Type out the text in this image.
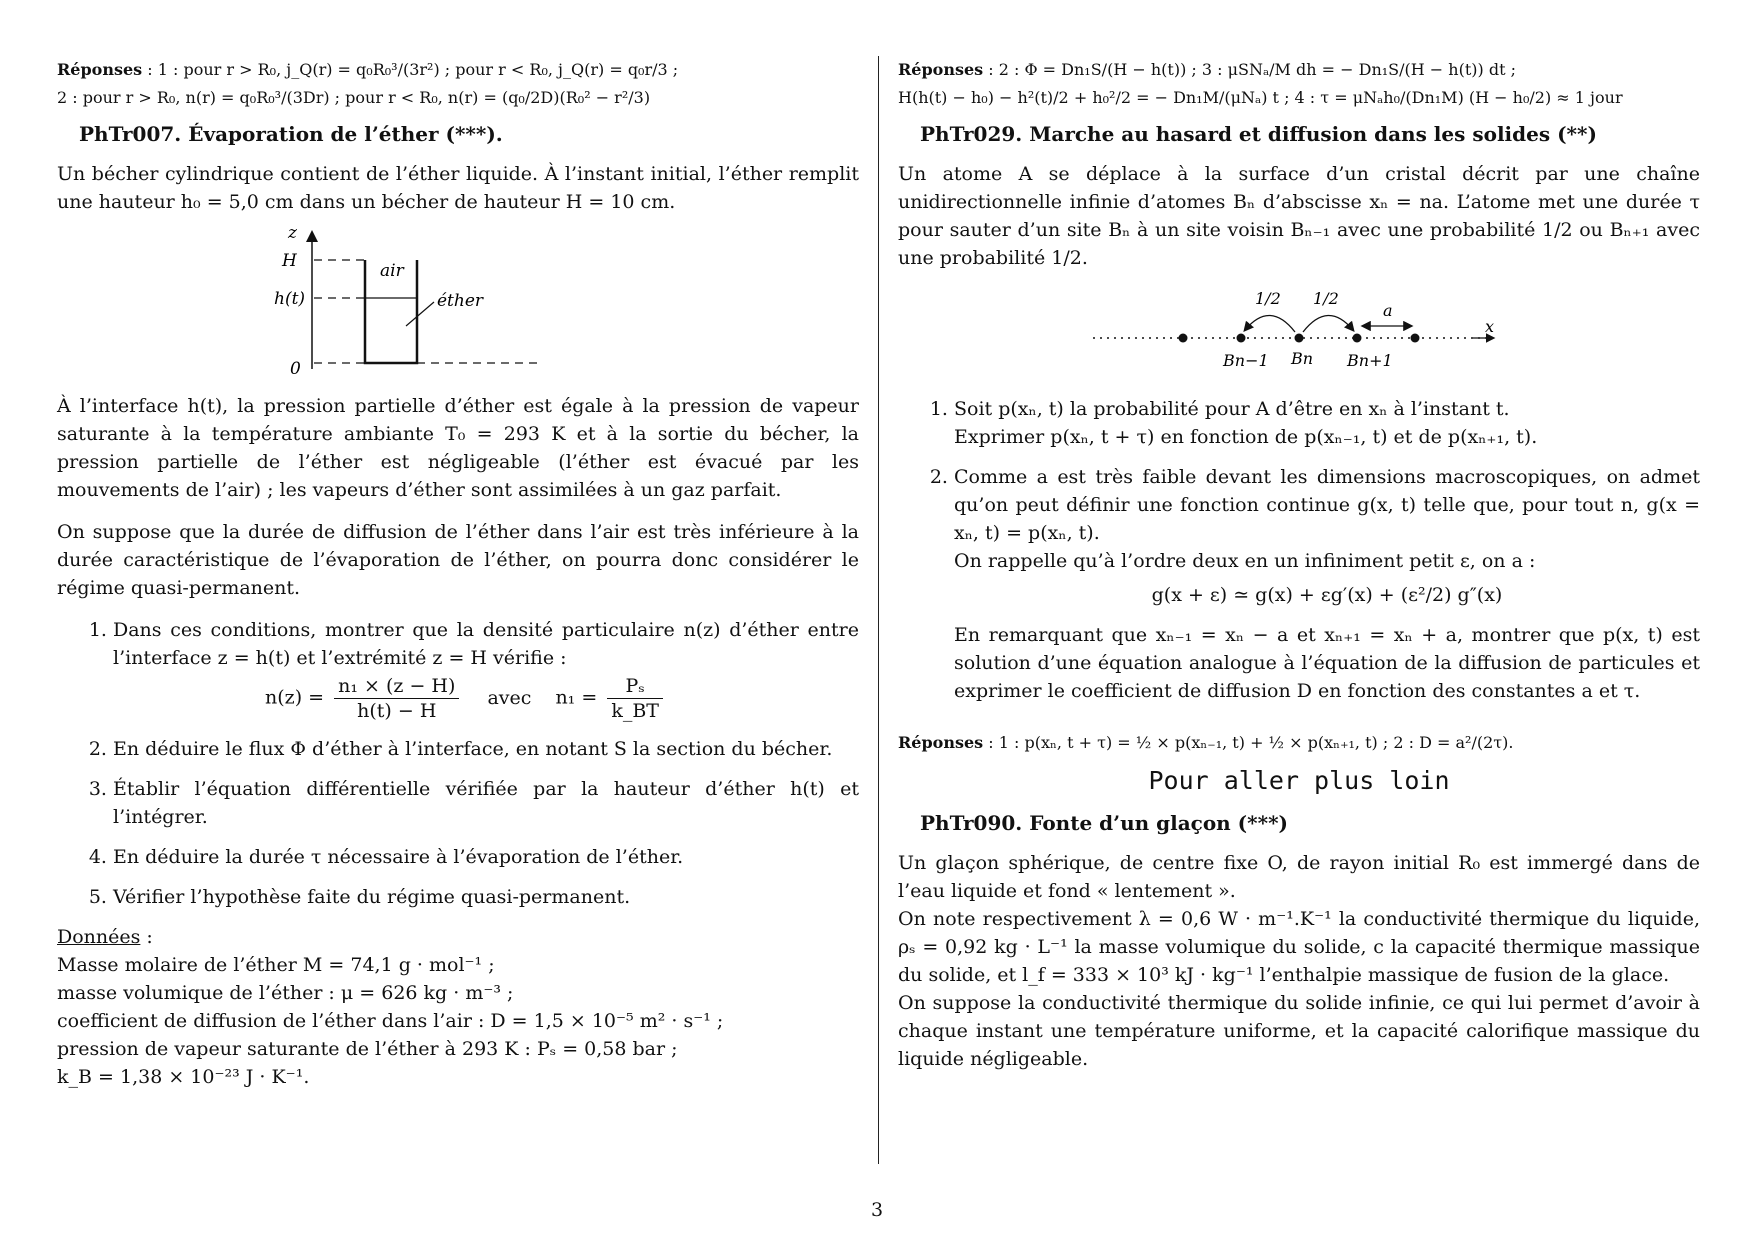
Réponses : 1 : pour r > R₀, j_Q(r) = q₀R₀³/(3r²) ; pour r < R₀, j_Q(r) = q₀r/3 ;
2 : pour r > R₀, n(r) = q₀R₀³/(3Dr) ; pour r < R₀, n(r) = (q₀/2D)(R₀² − r²/3)

PhTr007. Évaporation de l’éther (***).

Un bécher cylindrique contient de l’éther liquide. À l’instant initial, l’éther remplit une hauteur h₀ = 5,0 cm dans un bécher de hauteur H = 10 cm.

z
H
h(t)
0
air
éther

À l’interface h(t), la pression partielle d’éther est égale à la pression de vapeur saturante à la température ambiante T₀ = 293 K et à la sortie du bécher, la pression partielle de l’éther est négligeable (l’éther est évacué par les mouvements de l’air) ; les vapeurs d’éther sont assimilées à un gaz parfait.

On suppose que la durée de diffusion de l’éther dans l’air est très inférieure à la durée caractéristique de l’évaporation de l’éther, on pourra donc considérer le régime quasi-permanent.

1. Dans ces conditions, montrer que la densité particulaire n(z) d’éther entre l’interface z = h(t) et l’extrémité z = H vérifie :
$n(z) = \frac{\text{n₁ × (z − H)}}{h(t) - H}$ avec $n_1 = \frac{\text{Pₛ}}{k\_BT}$
2. En déduire le flux Φ d’éther à l’interface, en notant S la section du bécher.
3. Établir l’équation différentielle vérifiée par la hauteur d’éther h(t) et l’intégrer.
4. En déduire la durée τ nécessaire à l’évaporation de l’éther.
5. Vérifier l’hypothèse faite du régime quasi-permanent.

Données :

Masse molaire de l’éther M = 74,1 g · mol⁻¹ ;

masse volumique de l’éther : μ = 626 kg · m⁻³ ;

coefficient de diffusion de l’éther dans l’air : D = 1,5 × 10⁻⁵ m² · s⁻¹ ;

pression de vapeur saturante de l’éther à 293 K : Pₛ = 0,58 bar ;

k_B = 1,38 × 10⁻²³ J · K⁻¹.

Réponses : 2 : Φ = Dn₁S/(H − h(t)) ; 3 : μSNₐ/M dh = − Dn₁S/(H − h(t)) dt ;
H(h(t) − h₀) − h²(t)/2 + h₀²/2 = − Dn₁M/(μNₐ) t ; 4 : τ = μNₐh₀/(Dn₁M) (H − h₀/2) ≈ 1 jour

PhTr029. Marche au hasard et diffusion dans les solides (**)

Un atome A se déplace à la surface d’un cristal décrit par une chaîne unidirectionnelle infinie d’atomes Bₙ d’abscisse xₙ = na. L’atome met une durée τ pour sauter d’un site Bₙ à un site voisin Bₙ₋₁ avec une probabilité 1/2 ou Bₙ₊₁ avec une probabilité 1/2.

x
1/2 1/2
a
Bn−1 Bn Bn+1
1. Soit p(xₙ, t) la probabilité pour A d’être en xₙ à l’instant t.
Exprimer p(xₙ, t + τ) en fonction de p(xₙ₋₁, t) et de p(xₙ₊₁, t).
2. Comme a est très faible devant les dimensions macroscopiques, on admet qu’on peut définir une fonction continue g(x, t) telle que, pour tout n, g(x = xₙ, t) = p(xₙ, t).
On rappelle qu’à l’ordre deux en un infiniment petit ε, on a :
g(x + ε) ≃ g(x) + εg′(x) + (ε²/2) g″(x)
En remarquant que xₙ₋₁ = xₙ − a et xₙ₊₁ = xₙ + a, montrer que p(x, t) est solution d’une équation analogue à l’équation de la diffusion de particules et exprimer le coefficient de diffusion D en fonction des constantes a et τ.

Réponses : 1 : p(xₙ, t + τ) = ½ × p(xₙ₋₁, t) + ½ × p(xₙ₊₁, t) ; 2 : D = a²/(2τ).

Pour aller plus loin

PhTr090. Fonte d’un glaçon (***)

Un glaçon sphérique, de centre fixe O, de rayon initial R₀ est immergé dans de l’eau liquide et fond « lentement ».

On note respectivement λ = 0,6 W · m⁻¹.K⁻¹ la conductivité thermique du liquide, ρₛ = 0,92 kg · L⁻¹ la masse volumique du solide, c la capacité thermique massique du solide, et l_f = 333 × 10³ kJ · kg⁻¹ l’enthalpie massique de fusion de la glace.

On suppose la conductivité thermique du solide infinie, ce qui lui permet d’avoir à chaque instant une température uniforme, et la capacité calorifique massique du liquide négligeable.

3
